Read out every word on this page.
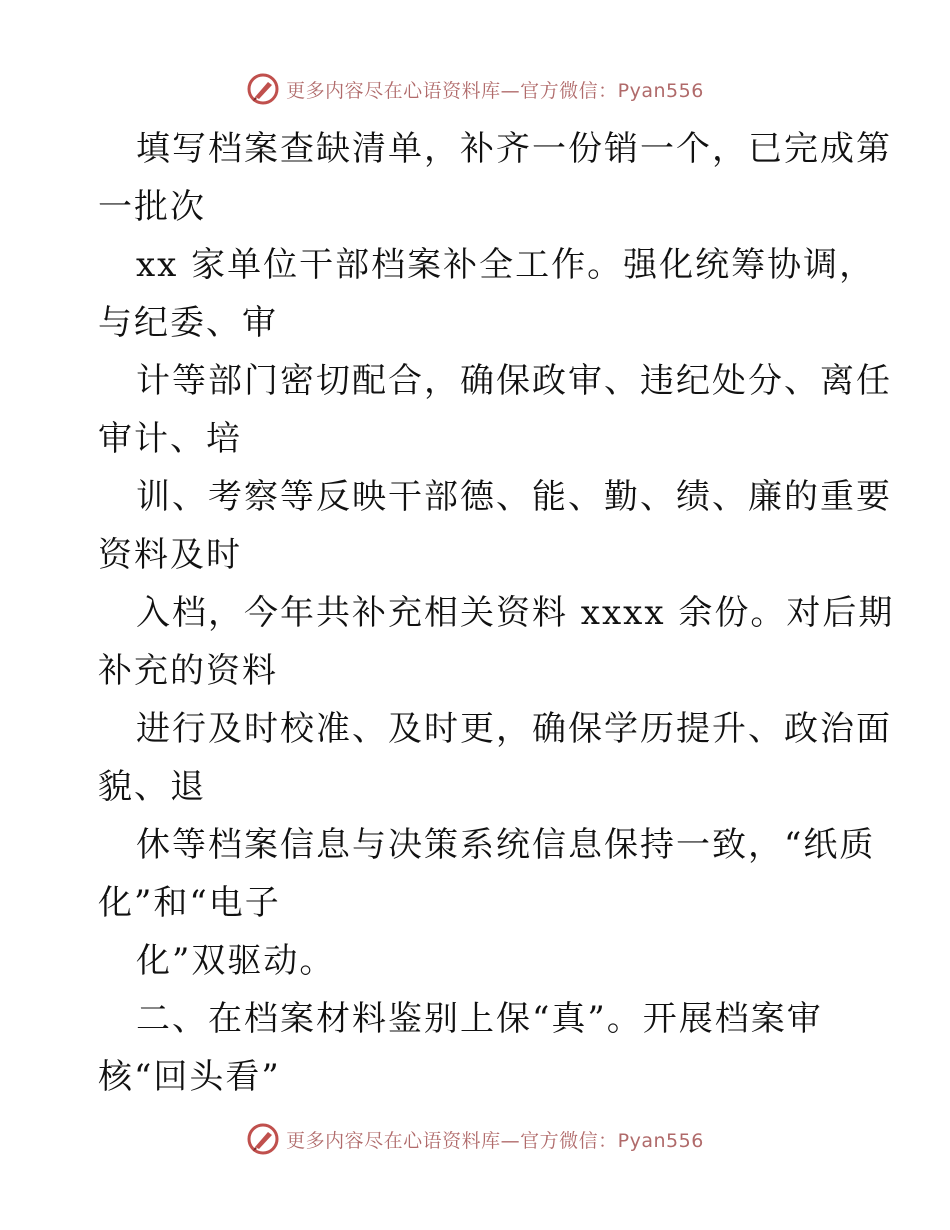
更多内容尽在心语资料库—官方微信：Pyan556
填写档案查缺清单，补齐一份销一个，已完成第
一批次
xx 家单位干部档案补全工作。强化统筹协调，
与纪委、审
计等部门密切配合，确保政审、违纪处分、离任
审计、培
训、考察等反映干部德、能、勤、绩、廉的重要
资料及时
入档，今年共补充相关资料 xxxx 余份。对后期
补充的资料
进行及时校准、及时更，确保学历提升、政治面
貌、退
休等档案信息与决策系统信息保持一致，“纸质
化”和“电子
化”双驱动。
二、在档案材料鉴别上保“真”。开展档案审
核“回头看”
更多内容尽在心语资料库—官方微信：Pyan556
